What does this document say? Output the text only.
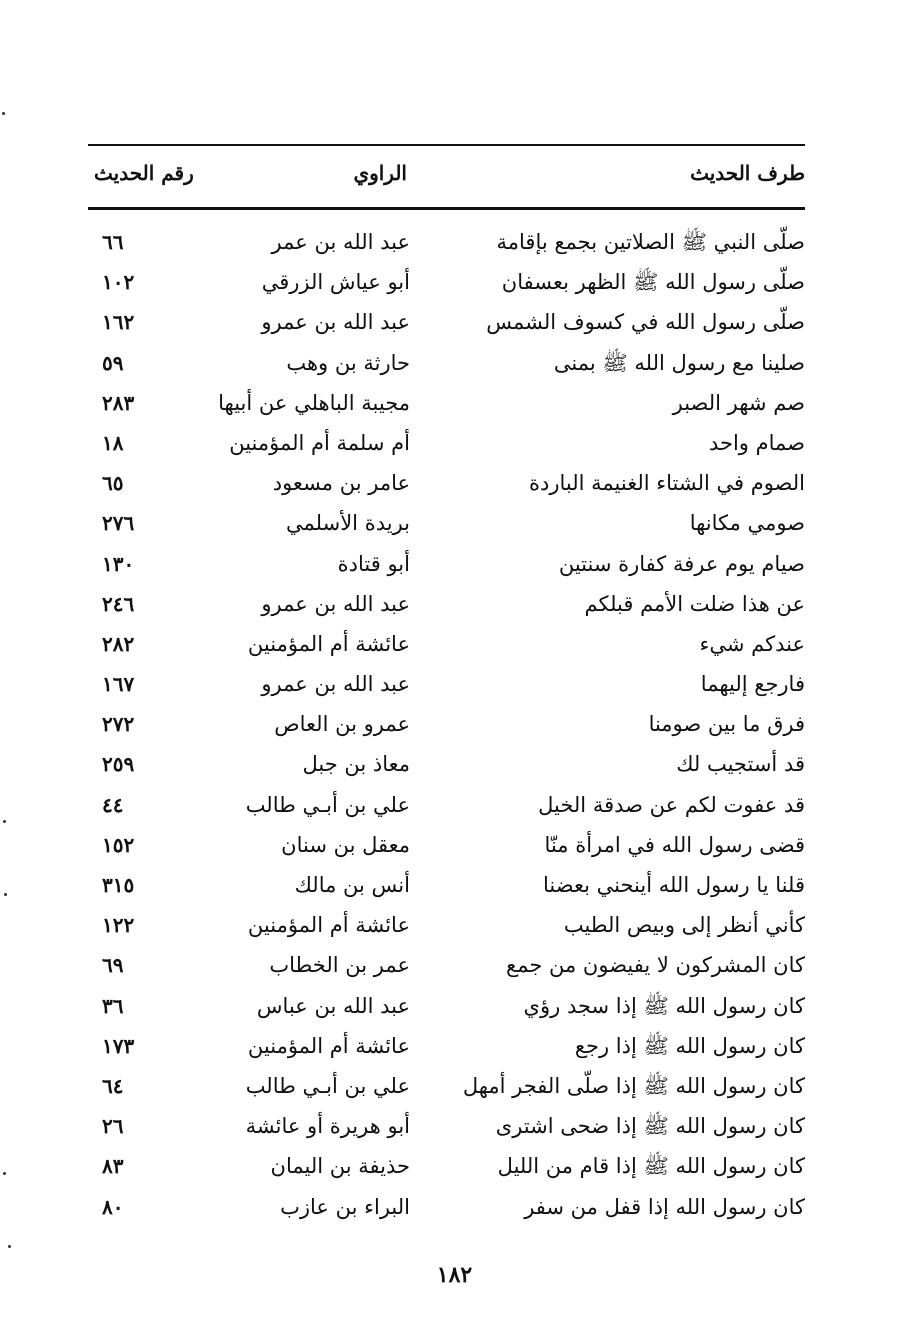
طرف الحديث
الراوي
رقم الحديث
صلّى النبي ﷺ الصلاتين بجمع بإقامة
عبد الله بن عمر
٦٦
صلّى رسول الله ﷺ الظهر بعسفان
أبو عياش الزرقي
١٠٢
صلّى رسول الله في كسوف الشمس
عبد الله بن عمرو
١٦٢
صلينا مع رسول الله ﷺ بمنى
حارثة بن وهب
٥٩
صم شهر الصبر
مجيبة الباهلي عن أبيها
٢٨٣
صمام واحد
أم سلمة أم المؤمنين
١٨
الصوم في الشتاء الغنيمة الباردة
عامر بن مسعود
٦٥
صومي مكانها
بريدة الأسلمي
٢٧٦
صيام يوم عرفة كفارة سنتين
أبو قتادة
١٣٠
عن هذا ضلت الأمم قبلكم
عبد الله بن عمرو
٢٤٦
عندكم شيء
عائشة أم المؤمنين
٢٨٢
فارجع إليهما
عبد الله بن عمرو
١٦٧
فرق ما بين صومنا
عمرو بن العاص
٢٧٢
قد أستجيب لك
معاذ بن جبل
٢٥٩
قد عفوت لكم عن صدقة الخيل
علي بن أبـي طالب
٤٤
قضى رسول الله في امرأة منّا
معقل بن سنان
١٥٢
قلنا يا رسول الله أينحني بعضنا
أنس بن مالك
٣١٥
كأني أنظر إلى وبيص الطيب
عائشة أم المؤمنين
١٢٢
كان المشركون لا يفيضون من جمع
عمر بن الخطاب
٦٩
كان رسول الله ﷺ إذا سجد رؤي
عبد الله بن عباس
٣٦
كان رسول الله ﷺ إذا رجع
عائشة أم المؤمنين
١٧٣
كان رسول الله ﷺ إذا صلّى الفجر أمهل
علي بن أبـي طالب
٦٤
كان رسول الله ﷺ إذا ضحى اشترى
أبو هريرة أو عائشة
٢٦
كان رسول الله ﷺ إذا قام من الليل
حذيفة بن اليمان
٨٣
كان رسول الله إذا قفل من سفر
البراء بن عازب
٨٠
١٨٢
